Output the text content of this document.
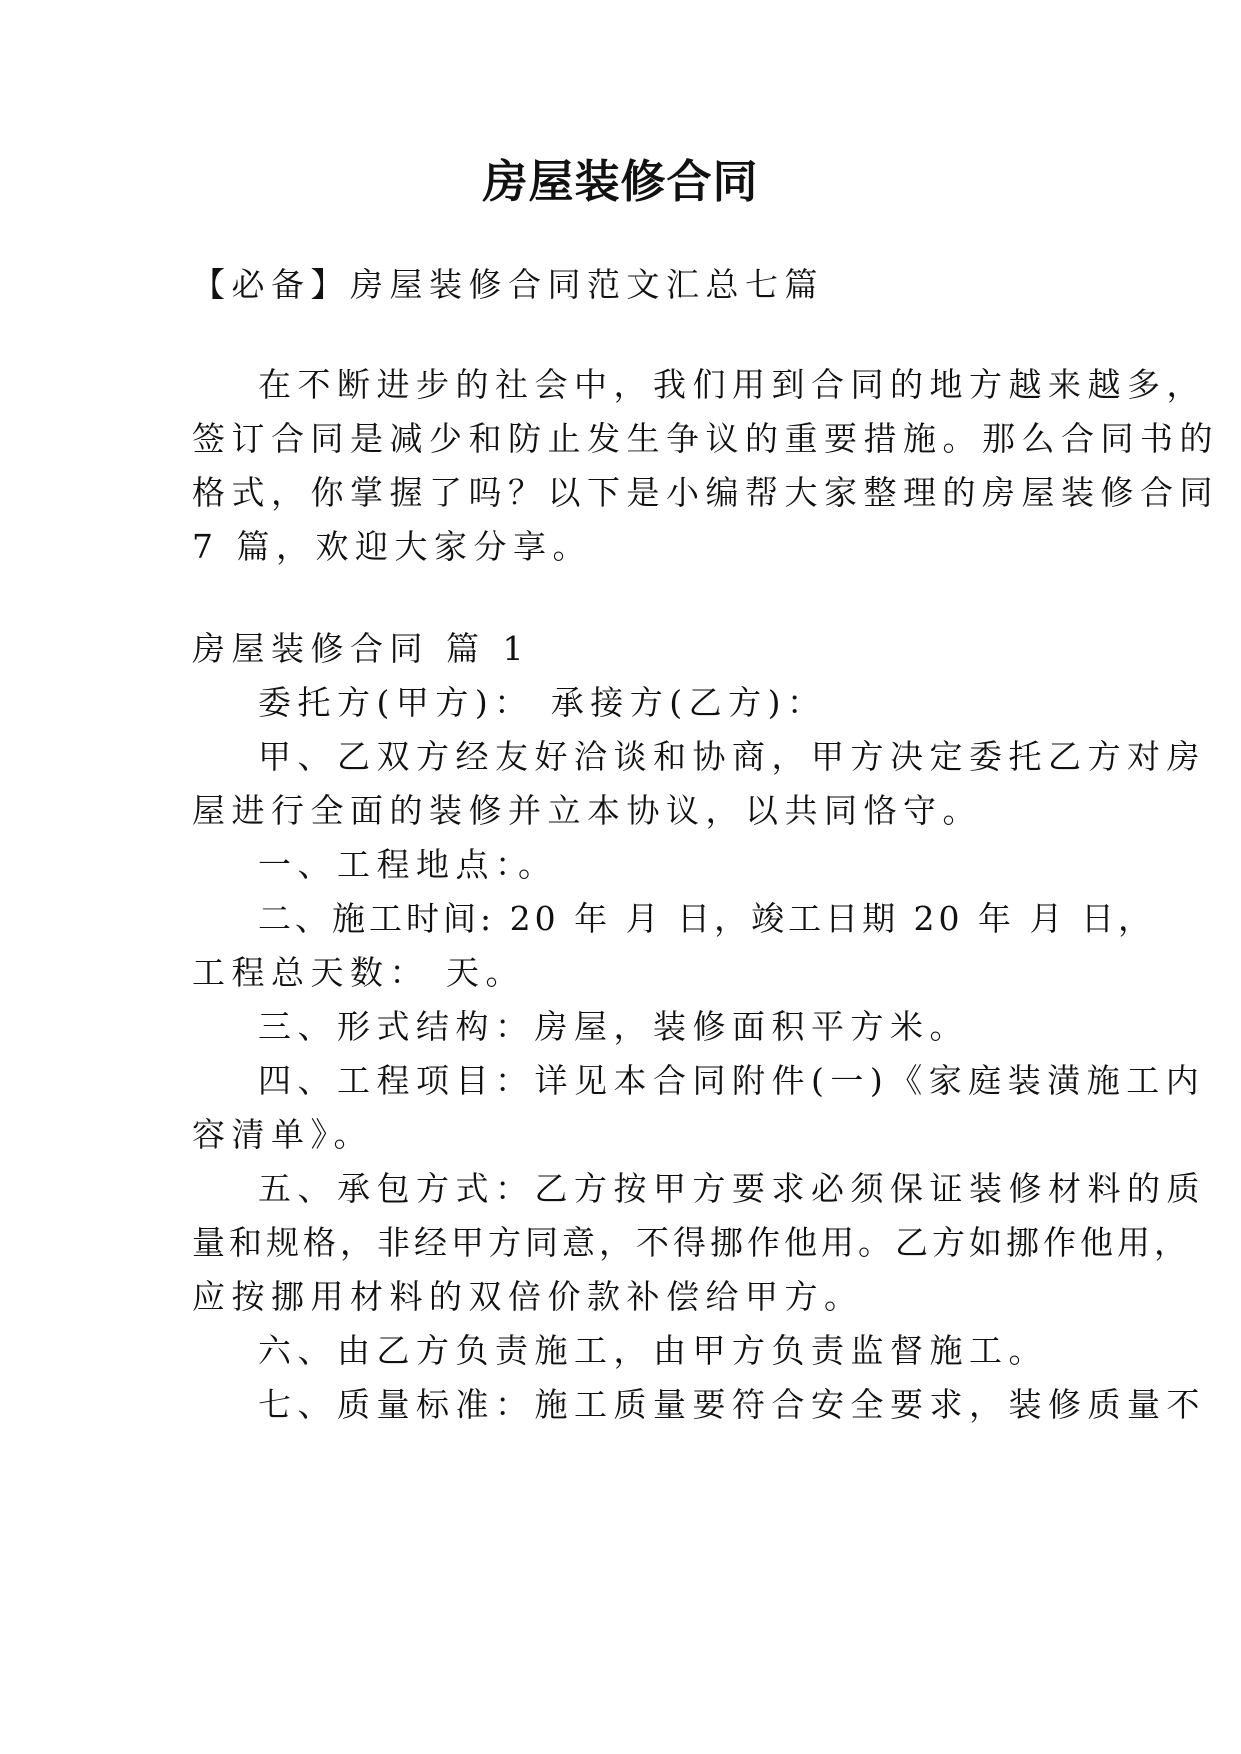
房屋装修合同
【必备】房屋装修合同范文汇总七篇
在不断进步的社会中，我们用到合同的地方越来越多，
签订合同是减少和防止发生争议的重要措施。那么合同书的
格式，你掌握了吗？以下是小编帮大家整理的房屋装修合同
7 篇，欢迎大家分享。
房屋装修合同 篇 1
委托方(甲方)： 承接方(乙方)：
甲、乙双方经友好洽谈和协商，甲方决定委托乙方对房
屋进行全面的装修并立本协议，以共同恪守。
一、工程地点：。
二、施工时间: 20 年 月 日，竣工日期 20 年 月 日，
工程总天数： 天。
三、形式结构：房屋，装修面积平方米。
四、工程项目：详见本合同附件(一)《家庭装潢施工内
容清单》。
五、承包方式：乙方按甲方要求必须保证装修材料的质
量和规格，非经甲方同意，不得挪作他用。乙方如挪作他用，
应按挪用材料的双倍价款补偿给甲方。
六、由乙方负责施工，由甲方负责监督施工。
七、质量标准：施工质量要符合安全要求，装修质量不
